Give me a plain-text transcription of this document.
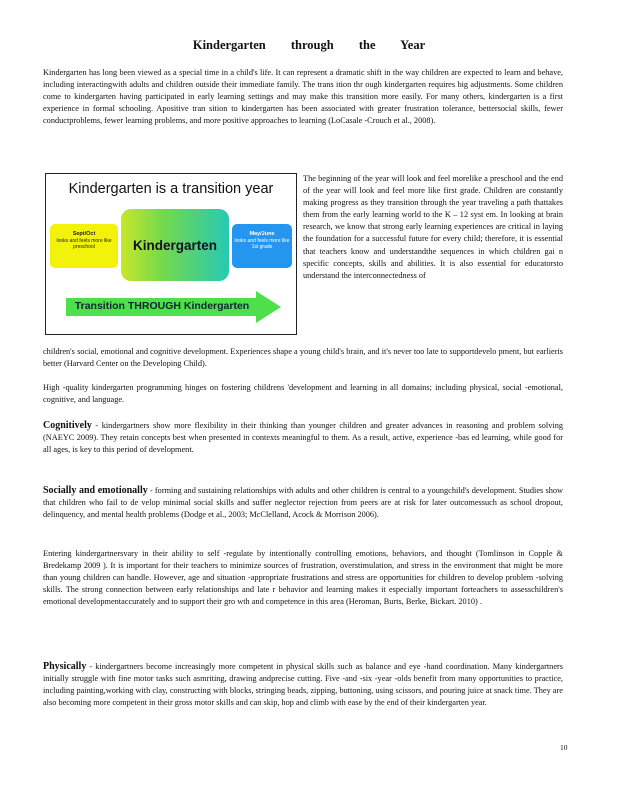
Kindergarten through the Year

Kindergarten has long been viewed as a special time in a child's life. It can represent a dramatic shift in the way children are expected to learn and behave, including interactingwith adults and children outside their immediate family. The trans ition thr ough kindergarten requires big adjustments. Some children come to kindergarten having participated in early learning settings and may make this transition more easily. For many others, kindergarten is a first experience in formal schooling. Apositive tran sition to kindergarten has been associated with greater frustration tolerance, bettersocial skills, fewer conductproblems, fewer learning problems, and more positive approaches to learning (LoCasale -Crouch et al., 2008).

Kindergarten is a transition year
Sept/Oct
looks and feels more like preschool	Kindergarten
May/June
looks and feels more like 1st grade
Transition THROUGH Kindergarten

The beginning of the year will look and feel morelike a preschool and the end of the year will look and feel more like first grade. Children are constantly making progress as they transition through the year traveling a path thattakes them from the early learning world to the K – 12 syst em. In looking at brain research, we know that strong early learning experiences are critical in laying the foundation for a successful future for every child; therefore, it is essential that teachers know and understandthe sequences in which children gai n specific concepts, skills and abilities. It is also essential for educatorsto understand the interconnectedness of

children's social, emotional and cognitive development. Experiences shape a young child's brain, and it's never too late to supportdevelo pment, but earlieris better (Harvard Center on the Developing Child).

High -quality kindergarten programming hinges on fostering childrens 'development and learning in all domains; including physical, social -emotional, cognitive, and language.

Cognitively - kindergartners show more flexibility in their thinking than younger children and greater advances in reasoning and problem solving (NAEYC 2009). They retain concepts best when presented in contexts meaningful to them. As a result, active, experience -bas ed learning, while good for all ages, is key to this period of development.

Socially and emotionally - forming and sustaining relationships with adults and other children is central to a youngchild's development. Studies show that children who fail to de velop minimal social skills and suffer neglector rejection from peers are at risk for later outcomessuch as school dropout, delinquency, and mental health problems (Dodge et al., 2003; McClelland, Acock & Morrison 2006).

Entering kindergartnersvary in their ability to self -regulate by intentionally controlling emotions, behaviors, and thought (Tomlinson in Copple & Bredekamp 2009 ). It is important for their teachers to minimize sources of frustration, overstimulation, and stress in the environment that might be more than young children can handle. However, age and situation -appropriate frustrations and stress are opportunities for children to develop problem -solving skills. The strong connection between early relationships and late r behavior and learning makes it especially important forteachers to assesschildren's emotional developmentaccurately and to support their gro wth and competence in this area (Heroman, Burts, Berke, Bickart. 2010) .

Physically - kindergartners become increasingly more competent in physical skills such as balance and eye -hand coordination. Many kindergartners initially struggle with fine motor tasks such asmriting, drawing andprecise cutting. Five -and -six -year -olds benefit from many opportunities to practice, including painting,working with clay, constructing with blocks, stringing beads, zipping, buttoning, using scissors, and pouring juice at snack time. They are also becoming more competent in their gross motor skills and can skip, hop and climb with ease by the end of their kindergarten year.

10
